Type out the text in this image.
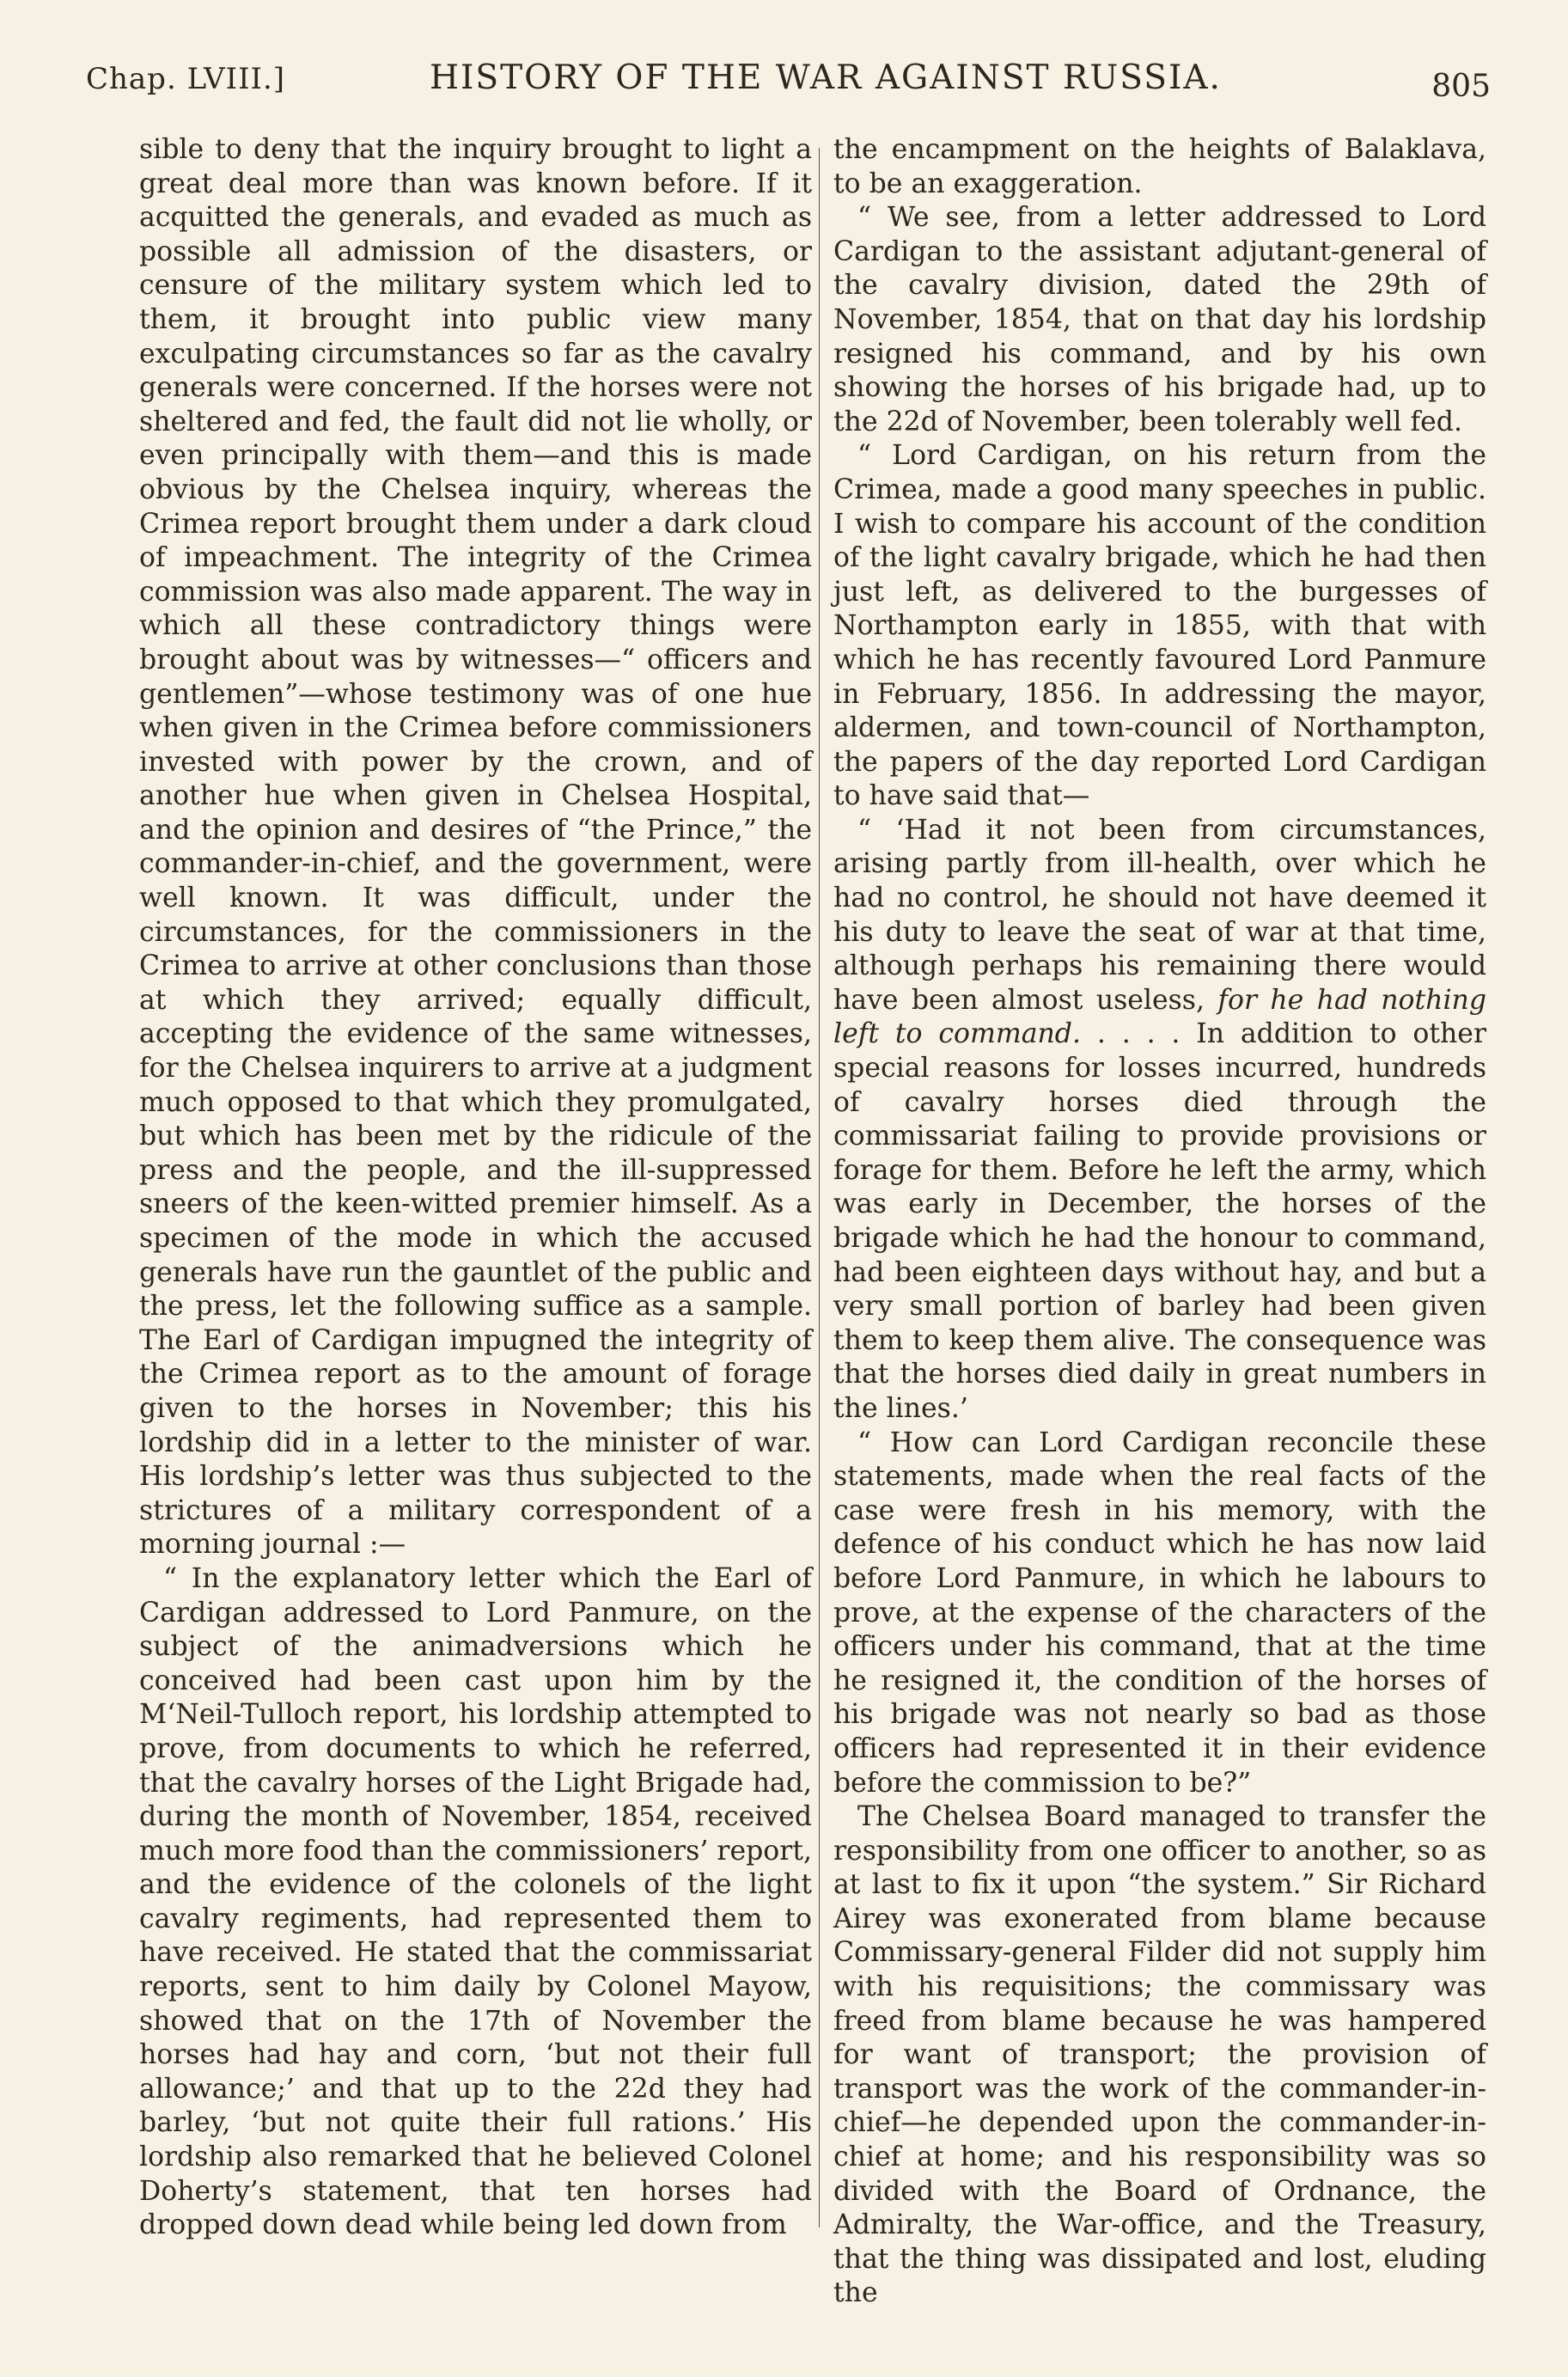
Chap. LVIII.]	HISTORY OF THE WAR AGAINST RUSSIA.	805

sible to deny that the inquiry brought to light a great deal more than was known before. If it acquitted the generals, and evaded as much as possible all admission of the disasters, or censure of the military system which led to them, it brought into public view many exculpating circumstances so far as the cavalry generals were concerned. If the horses were not sheltered and fed, the fault did not lie wholly, or even principally with them—and this is made obvious by the Chelsea inquiry, whereas the Crimea report brought them under a dark cloud of impeachment. The integrity of the Crimea commission was also made apparent. The way in which all these contradictory things were brought about was by witnesses—“ officers and gentlemen”—whose testimony was of one hue when given in the Crimea before commissioners invested with power by the crown, and of another hue when given in Chelsea Hospital, and the opinion and desires of “the Prince,” the commander-in-chief, and the government, were well known. It was difficult, under the circumstances, for the commissioners in the Crimea to arrive at other conclusions than those at which they arrived; equally difficult, accepting the evidence of the same witnesses, for the Chelsea inquirers to arrive at a judgment much opposed to that which they promulgated, but which has been met by the ridicule of the press and the people, and the ill-suppressed sneers of the keen-witted premier himself. As a specimen of the mode in which the accused generals have run the gauntlet of the public and the press, let the following suffice as a sample. The Earl of Cardigan impugned the integrity of the Crimea report as to the amount of forage given to the horses in November; this his lordship did in a letter to the minister of war. His lordship’s letter was thus subjected to the strictures of a military correspondent of a morning journal :—

“ In the explanatory letter which the Earl of Cardigan addressed to Lord Panmure, on the subject of the animadversions which he conceived had been cast upon him by the M‘Neil-Tulloch report, his lordship attempted to prove, from documents to which he referred, that the cavalry horses of the Light Brigade had, during the month of November, 1854, received much more food than the commissioners’ report, and the evidence of the colonels of the light cavalry regiments, had represented them to have received. He stated that the commissariat reports, sent to him daily by Colonel Mayow, showed that on the 17th of November the horses had hay and corn, ‘but not their full allowance;’ and that up to the 22d they had barley, ‘but not quite their full rations.’ His lordship also remarked that he believed Colonel Doherty’s statement, that ten horses had dropped down dead while being led down from

the encampment on the heights of Balaklava, to be an exaggeration.

“ We see, from a letter addressed to Lord Cardigan to the assistant adjutant-general of the cavalry division, dated the 29th of November, 1854, that on that day his lordship resigned his command, and by his own showing the horses of his brigade had, up to the 22d of November, been tolerably well fed.

“ Lord Cardigan, on his return from the Crimea, made a good many speeches in public. I wish to compare his account of the condition of the light cavalry brigade, which he had then just left, as delivered to the burgesses of Northampton early in 1855, with that with which he has recently favoured Lord Panmure in February, 1856. In addressing the mayor, aldermen, and town-council of Northampton, the papers of the day reported Lord Cardigan to have said that—

“ ‘Had it not been from circumstances, arising partly from ill-health, over which he had no control, he should not have deemed it his duty to leave the seat of war at that time, although perhaps his remaining there would have been almost useless, for he had nothing left to command. . . . . In addition to other special reasons for losses incurred, hundreds of cavalry horses died through the commissariat failing to provide provisions or forage for them. Before he left the army, which was early in December, the horses of the brigade which he had the honour to command, had been eighteen days without hay, and but a very small portion of barley had been given them to keep them alive. The consequence was that the horses died daily in great numbers in the lines.’

“ How can Lord Cardigan reconcile these statements, made when the real facts of the case were fresh in his memory, with the defence of his conduct which he has now laid before Lord Panmure, in which he labours to prove, at the expense of the characters of the officers under his command, that at the time he resigned it, the condition of the horses of his brigade was not nearly so bad as those officers had represented it in their evidence before the commission to be?”

The Chelsea Board managed to transfer the responsibility from one officer to another, so as at last to fix it upon “the system.” Sir Richard Airey was exonerated from blame because Commissary-general Filder did not supply him with his requisitions; the commissary was freed from blame because he was hampered for want of transport; the provision of transport was the work of the commander-in-chief—he depended upon the commander-in-chief at home; and his responsibility was so divided with the Board of Ordnance, the Admiralty, the War-office, and the Treasury, that the thing was dissipated and lost, eluding the
